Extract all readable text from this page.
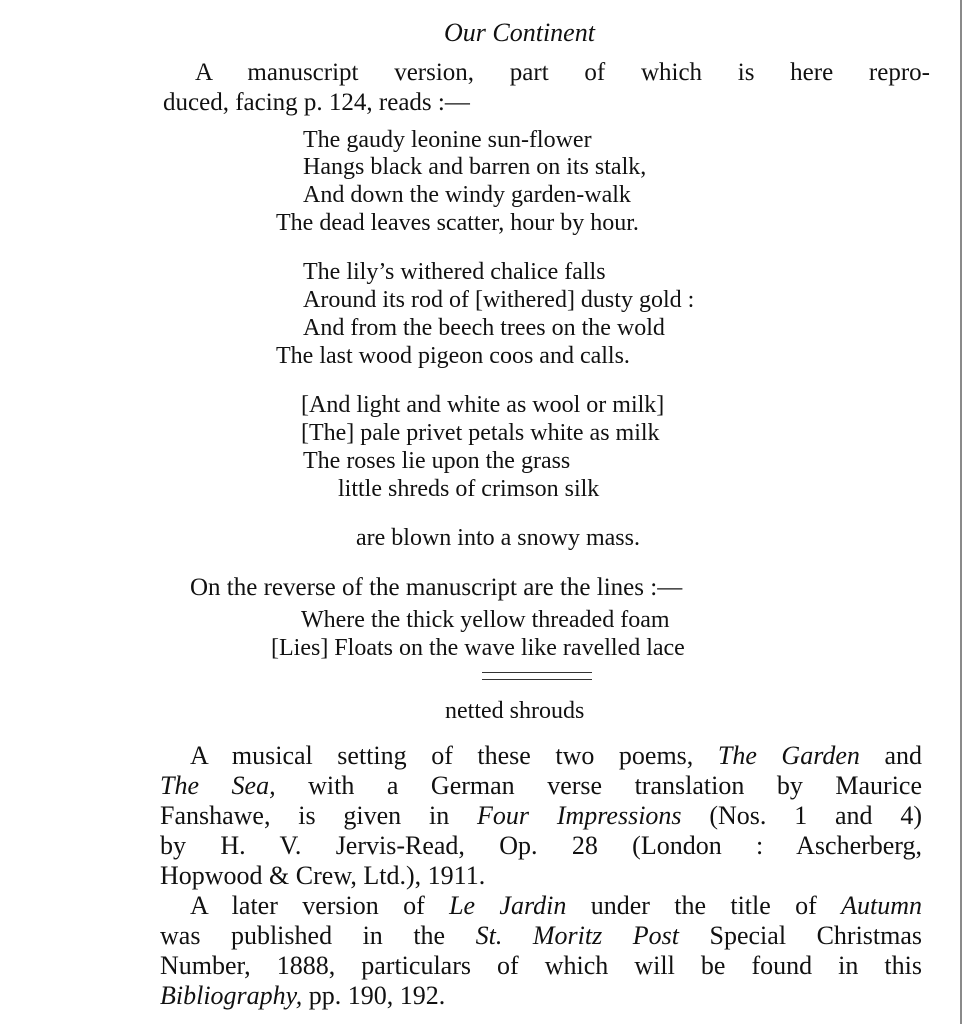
Our Continent
A manuscript version, part of which is here repro-
duced, facing p. 124, reads :—
The gaudy leonine sun-flower
Hangs black and barren on its stalk,
And down the windy garden-walk
The dead leaves scatter, hour by hour.
The lily’s withered chalice falls
Around its rod of [withered] dusty gold :
And from the beech trees on the wold
The last wood pigeon coos and calls.
[And light and white as wool or milk]
[The] pale privet petals white as milk
The roses lie upon the grass
little shreds of crimson silk
are blown into a snowy mass.
On the reverse of the manuscript are the lines :—
Where the thick yellow threaded foam
[Lies] Floats on the wave like ravelled lace
netted shrouds
A musical setting of these two poems, The Garden and
The Sea, with a German verse translation by Maurice
Fanshawe, is given in Four Impressions (Nos. 1 and 4)
by H. V. Jervis-Read, Op. 28 (London : Ascherberg,
Hopwood & Crew, Ltd.), 1911.
A later version of Le Jardin under the title of Autumn
was published in the St. Moritz Post Special Christmas
Number, 1888, particulars of which will be found in this
Bibliography, pp. 190, 192.
